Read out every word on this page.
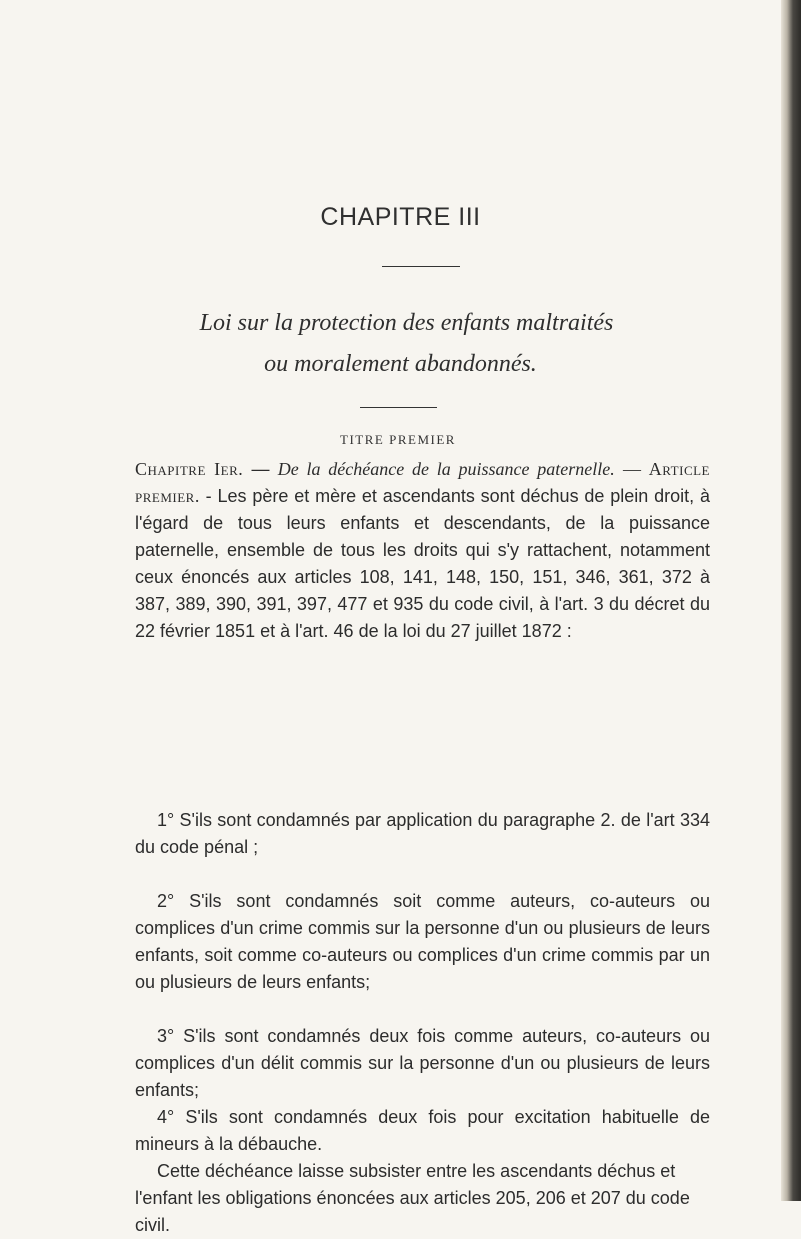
CHAPITRE III
Loi sur la protection des enfants maltraités
ou moralement abandonnés.
TITRE PREMIER

Chapitre Ier. — De la déchéance de la puissance paternelle. — Article premier. - Les père et mère et ascendants sont déchus de plein droit, à l'égard de tous leurs enfants et descendants, de la puissance paternelle, ensemble de tous les droits qui s'y rattachent, notamment ceux énoncés aux articles 108, 141, 148, 150, 151, 346, 361, 372 à 387, 389, 390, 391, 397, 477 et 935 du code civil, à l'art. 3 du décret du 22 février 1851 et à l'art. 46 de la loi du 27 juillet 1872 :

1° S'ils sont condamnés par application du paragraphe 2. de l'art 334 du code pénal ;

2° S'ils sont condamnés soit comme auteurs, co-auteurs ou complices d'un crime commis sur la personne d'un ou plusieurs de leurs enfants, soit comme co-auteurs ou complices d'un crime commis par un ou plusieurs de leurs enfants;

3° S'ils sont condamnés deux fois comme auteurs, co-auteurs ou complices d'un délit commis sur la personne d'un ou plusieurs de leurs enfants;

4° S'ils sont condamnés deux fois pour excitation habituelle de mineurs à la débauche.

Cette déchéance laisse subsister entre les ascendants déchus et l'enfant les obligations énoncées aux articles 205, 206 et 207 du code civil.
